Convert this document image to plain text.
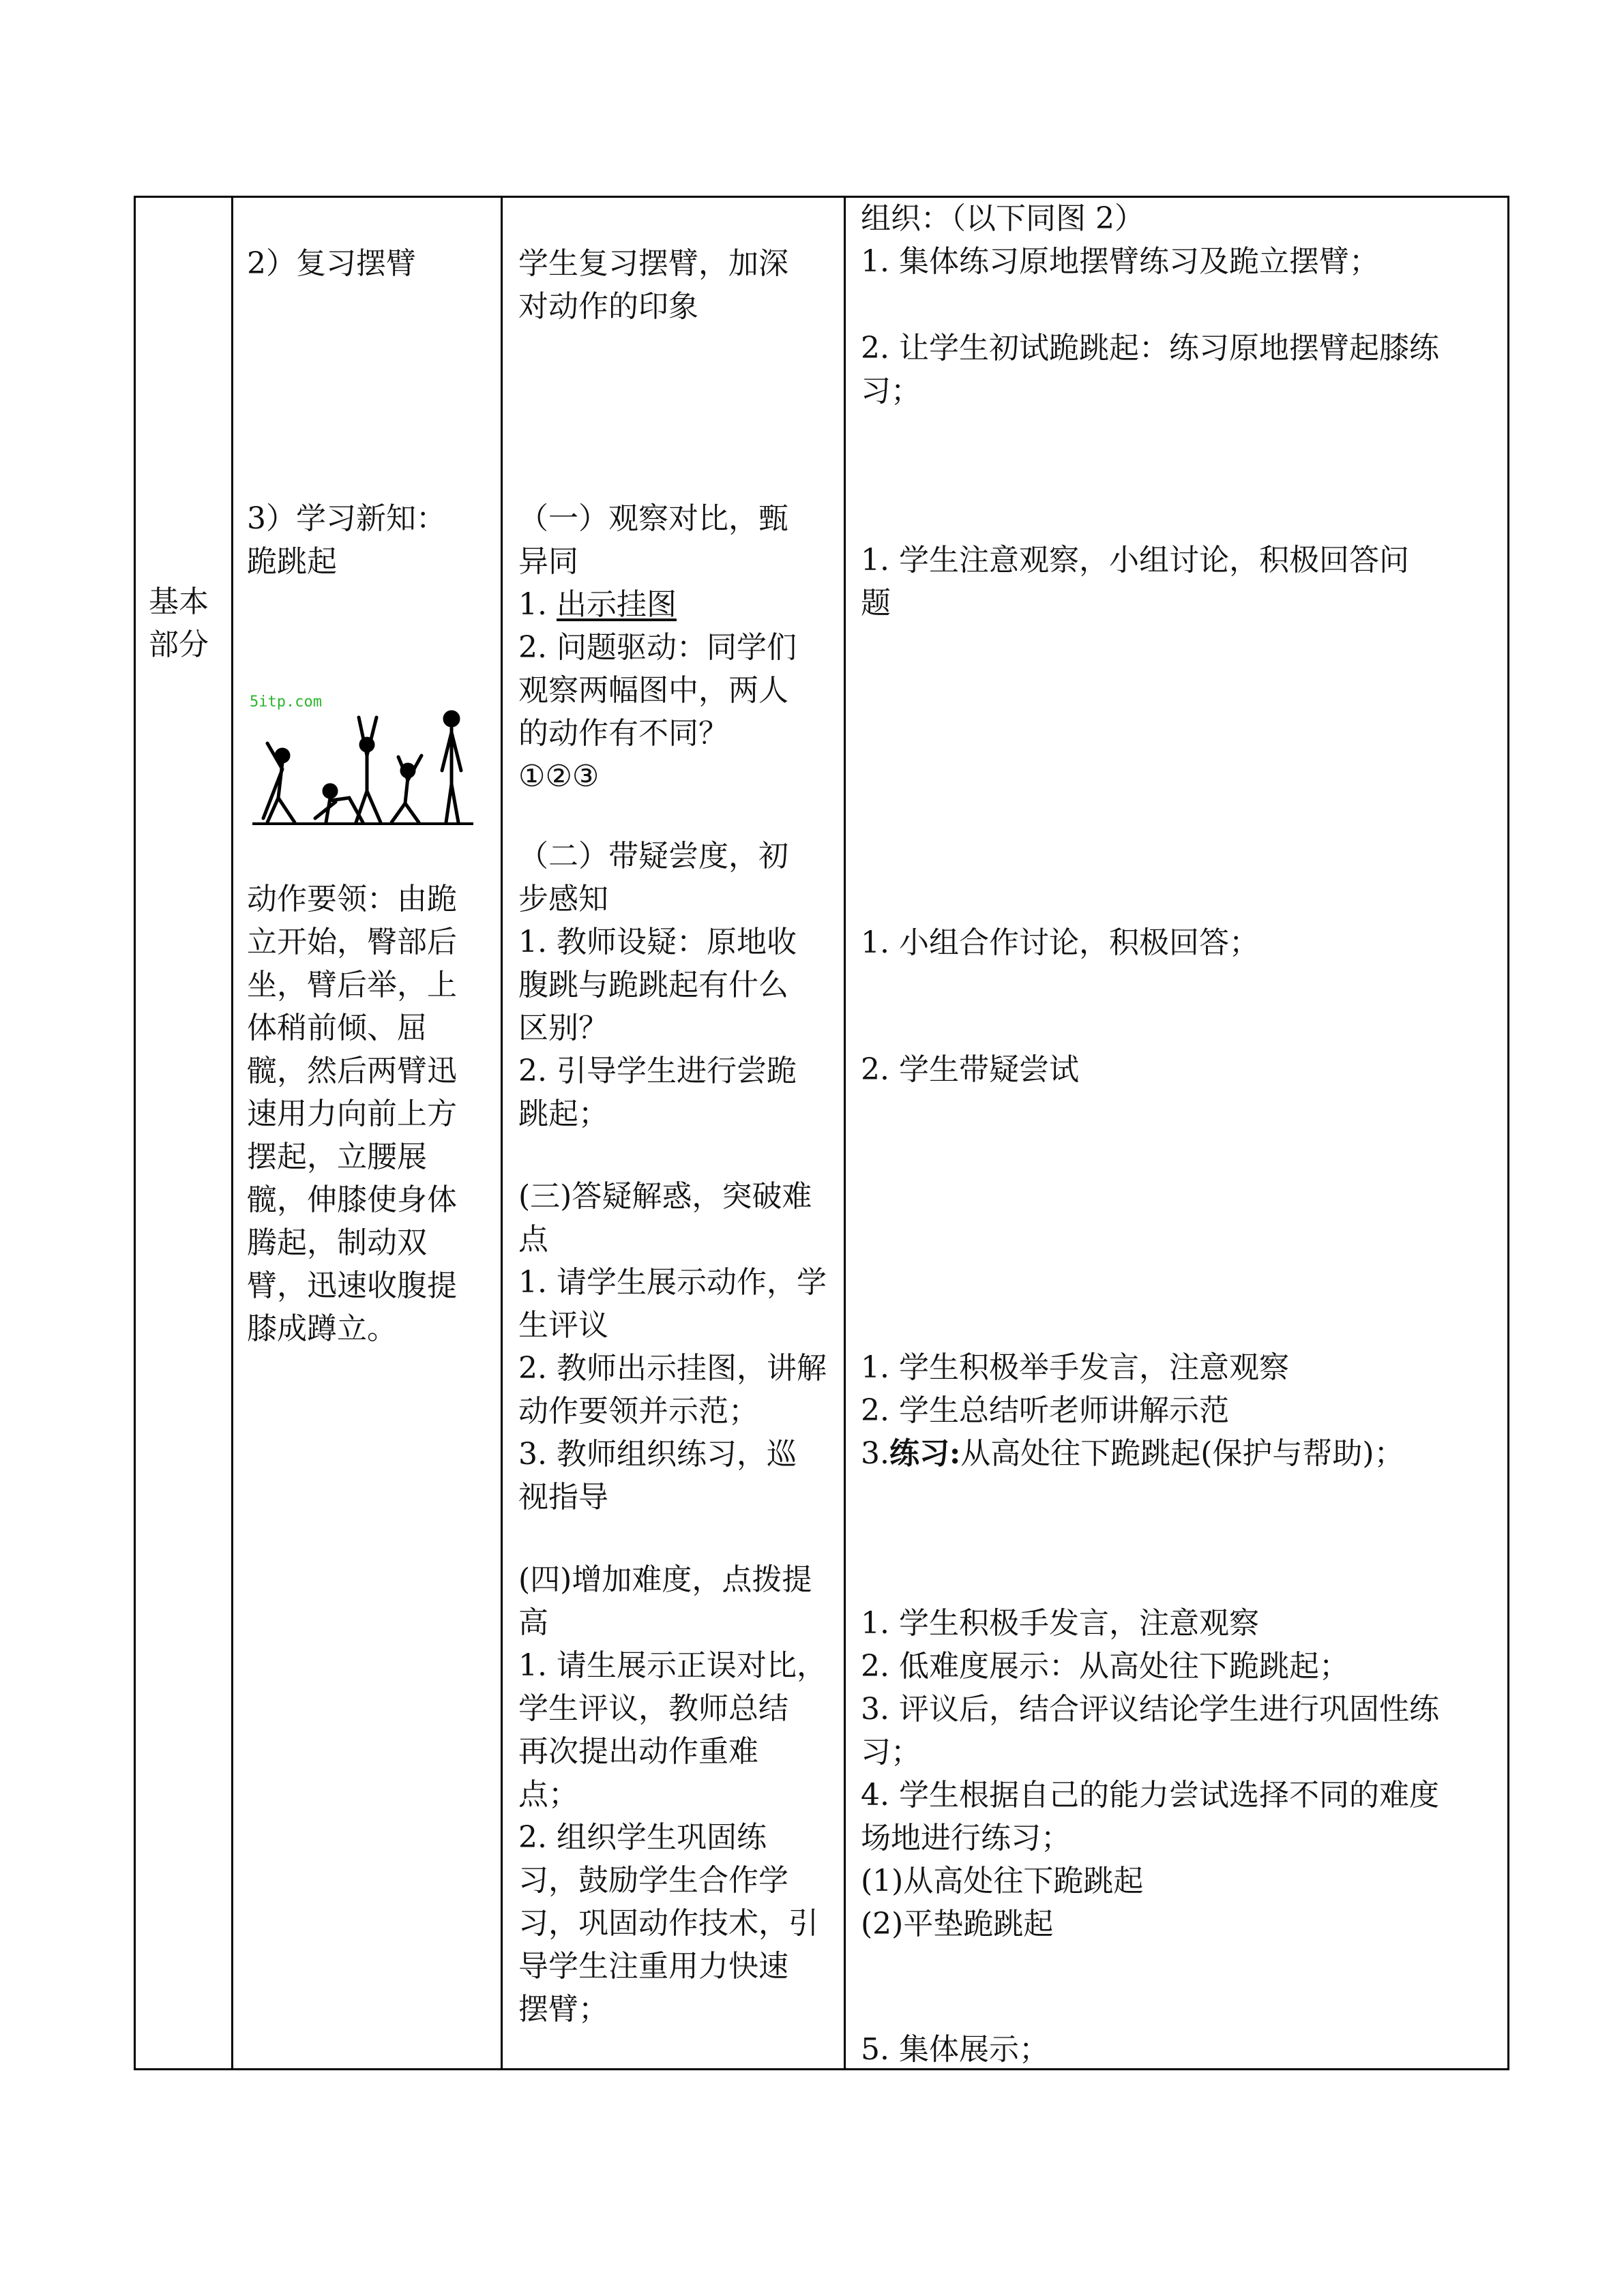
基本

部分

2）复习摆臂

3）学习新知：

跪跳起

5itp.com

动作要领：由跪

立开始，臀部后

坐，臂后举，上

体稍前倾、屈

髋，然后两臂迅

速用力向前上方

摆起，立腰展

髋，伸膝使身体

腾起，制动双

臂，迅速收腹提

膝成蹲立。

学生复习摆臂，加深

对动作的印象

（一）观察对比，甄

异同

1. 出示挂图

2. 问题驱动：同学们

观察两幅图中，两人

的动作有不同？

①②③

（二）带疑尝度，初

步感知

1. 教师设疑：原地收

腹跳与跪跳起有什么

区别？

2. 引导学生进行尝跪

跳起；

(三)答疑解惑，突破难

点

1. 请学生展示动作，学

生评议

2. 教师出示挂图，讲解

动作要领并示范；

3. 教师组织练习，巡

视指导

(四)增加难度，点拨提

高

1. 请生展示正误对比，

学生评议，教师总结

再次提出动作重难

点；

2. 组织学生巩固练

习，鼓励学生合作学

习，巩固动作技术，引

导学生注重用力快速

摆臂；

组织：（以下同图 2）

1. 集体练习原地摆臂练习及跪立摆臂；

2. 让学生初试跪跳起：练习原地摆臂起膝练

习；

1. 学生注意观察，小组讨论，积极回答问

题

1. 小组合作讨论，积极回答；

2. 学生带疑尝试

1. 学生积极举手发言，注意观察

2. 学生总结听老师讲解示范

3.练习:从高处往下跪跳起(保护与帮助)；

1. 学生积极手发言，注意观察

2. 低难度展示：从高处往下跪跳起；

3. 评议后，结合评议结论学生进行巩固性练

习；

4. 学生根据自己的能力尝试选择不同的难度

场地进行练习；

(1)从高处往下跪跳起

(2)平垫跪跳起

5. 集体展示；
